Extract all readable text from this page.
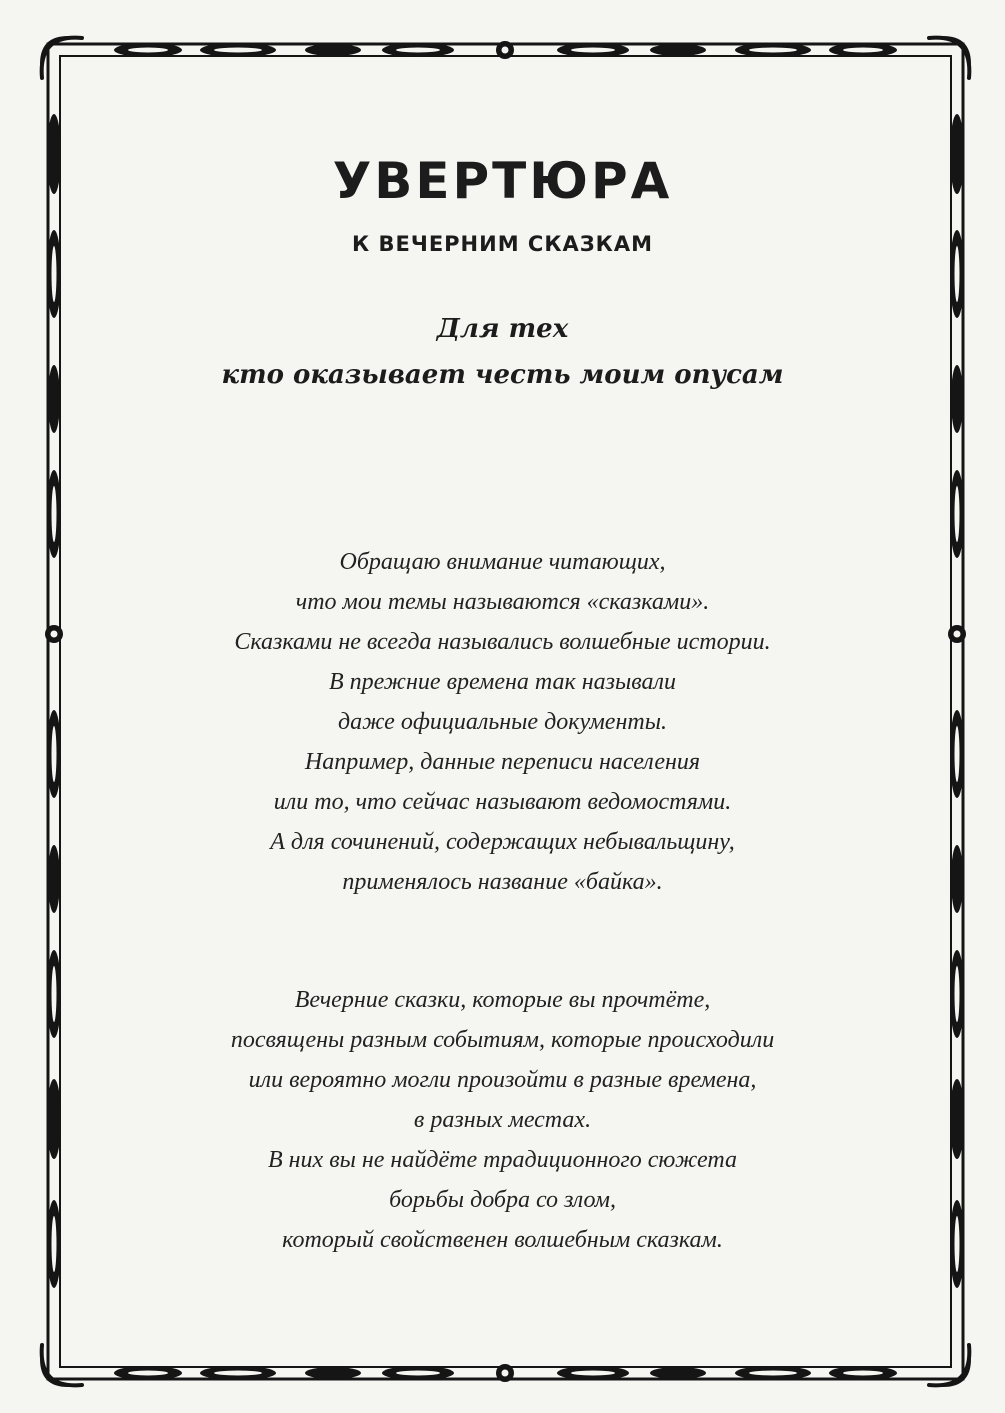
УВЕРТЮРА
К ВЕЧЕРНИМ СКАЗКАМ
Для тех
кто оказывает честь моим опусам
Обращаю внимание читающих,
что мои темы называются «сказками».
Сказками не всегда назывались волшебные истории.
В прежние времена так называли
даже официальные документы.
Например, данные переписи населения
или то, что сейчас называют ведомостями.
А для сочинений, содержащих небывальщину,
применялось название «байка».
Вечерние сказки, которые вы прочтёте,
посвящены разным событиям, которые происходили
или вероятно могли произойти в разные времена,
в разных местах.
В них вы не найдёте традиционного сюжета
борьбы добра со злом,
который свойственен волшебным сказкам.
